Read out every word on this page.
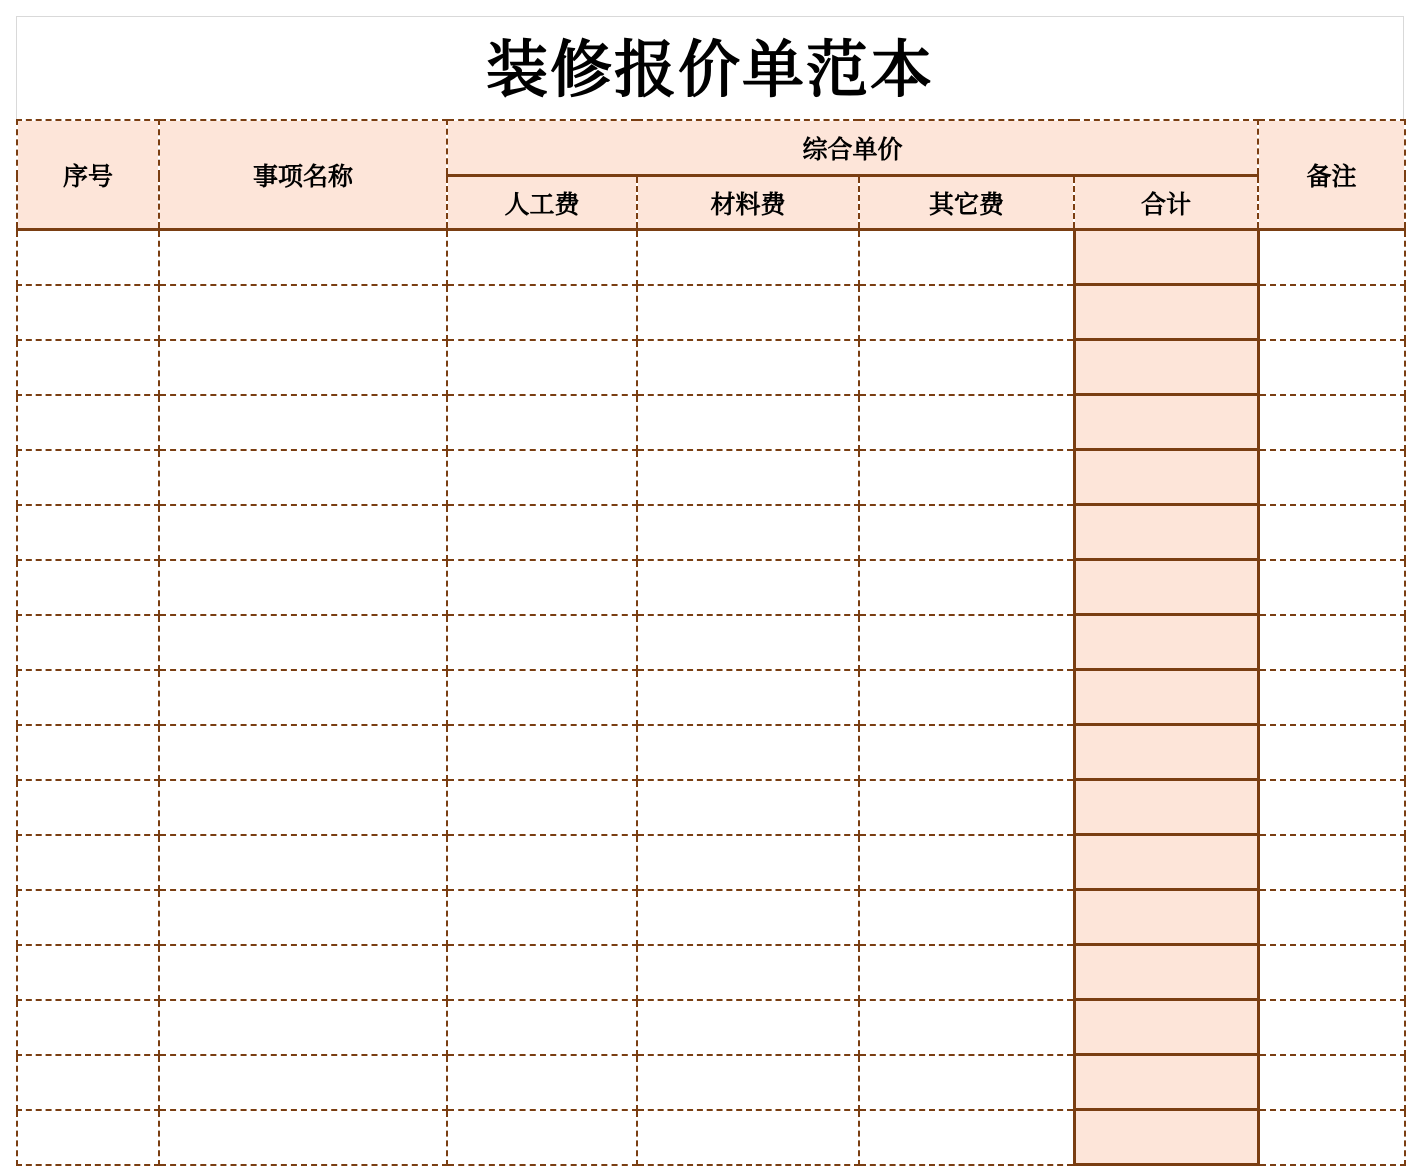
装修报价单范本
序号	事项名称	综合单价				备注
		人工费	材料费	其它费	合计	
